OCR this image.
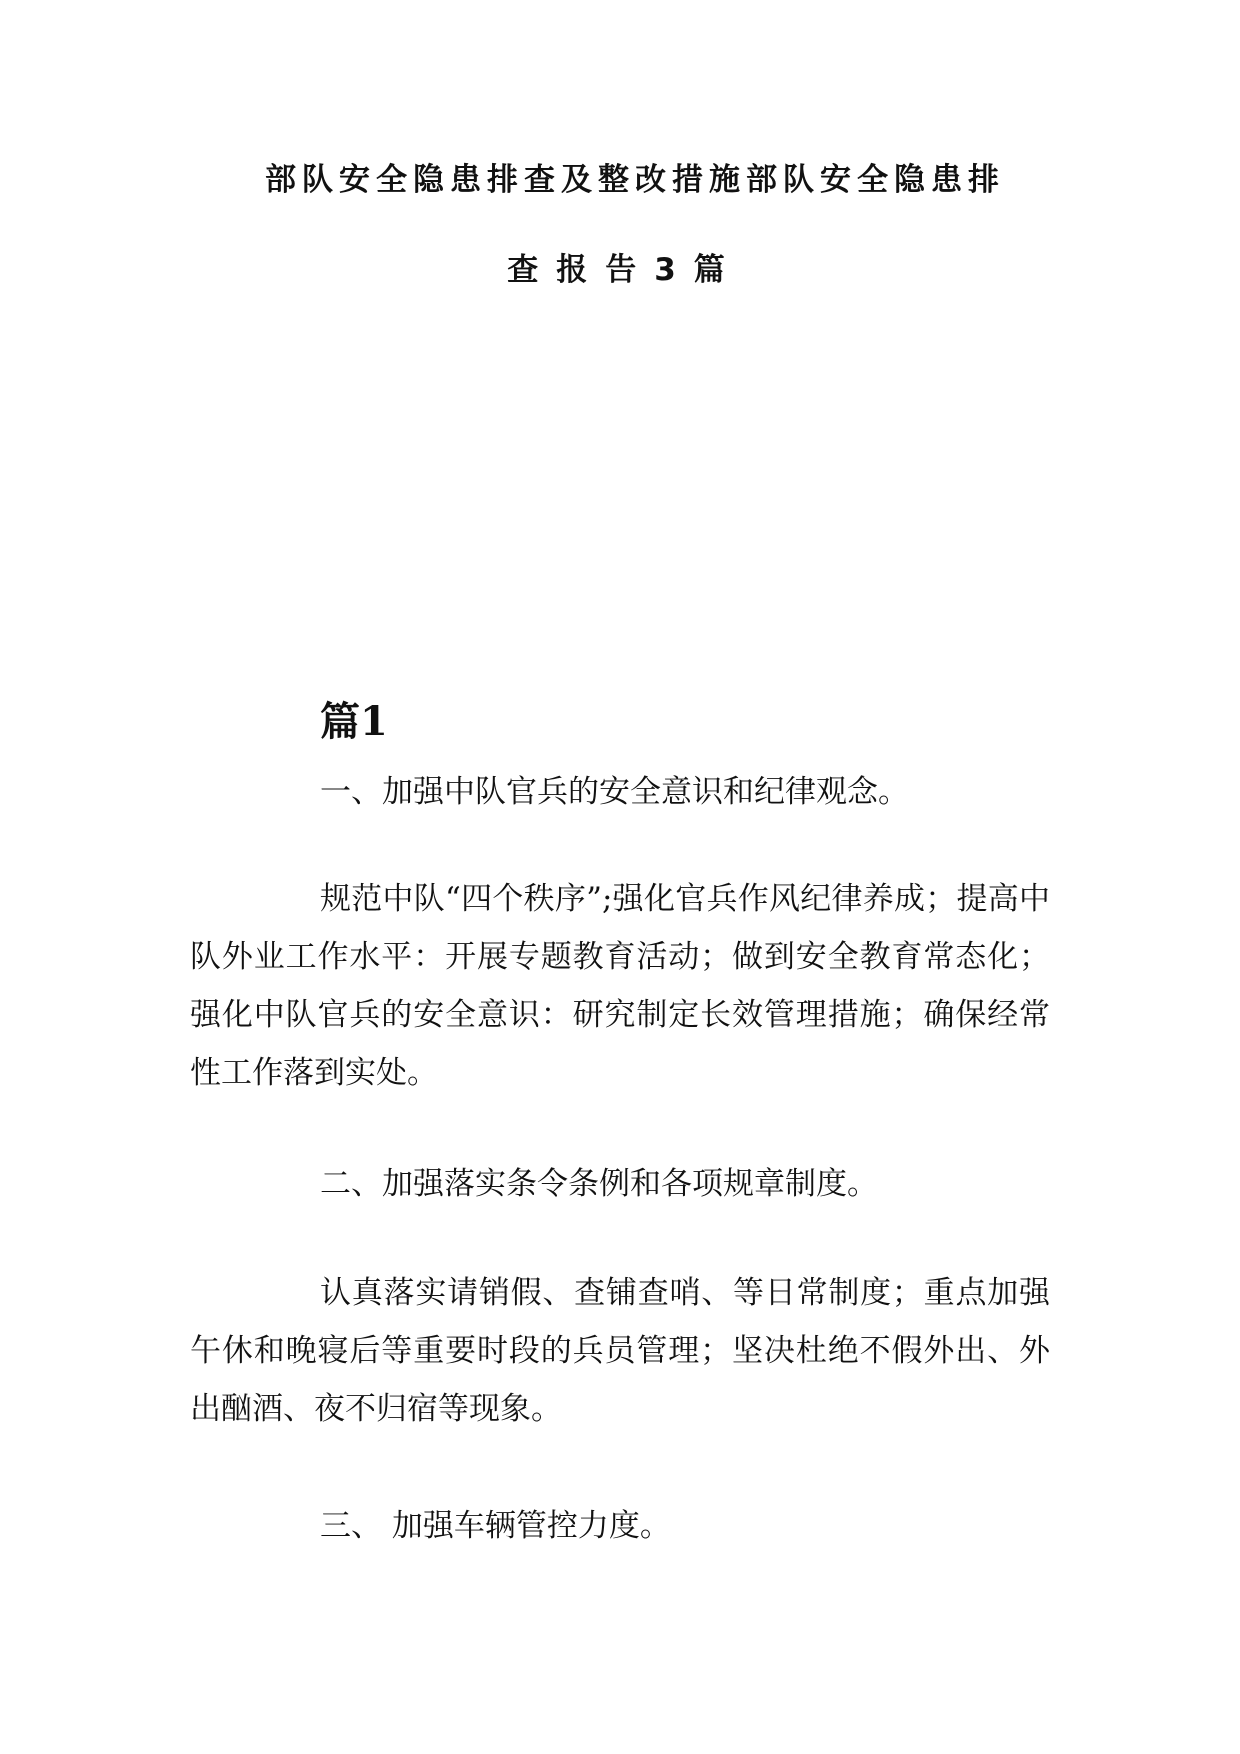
部队安全隐患排查及整改措施部队安全隐患排
查报告3篇
篇1
一、加强中队官兵的安全意识和纪律观念。
规范中队“四个秩序”;强化官兵作风纪律养成；提高中队外业工作水平：开展专题教育活动；做到安全教育常态化；强化中队官兵的安全意识：研究制定长效管理措施；确保经常性工作落到实处。
二、加强落实条令条例和各项规章制度。
认真落实请销假、查铺查哨、等日常制度；重点加强午休和晚寝后等重要时段的兵员管理；坚决杜绝不假外出、外出酗酒、夜不归宿等现象。
三、 加强车辆管控力度。
